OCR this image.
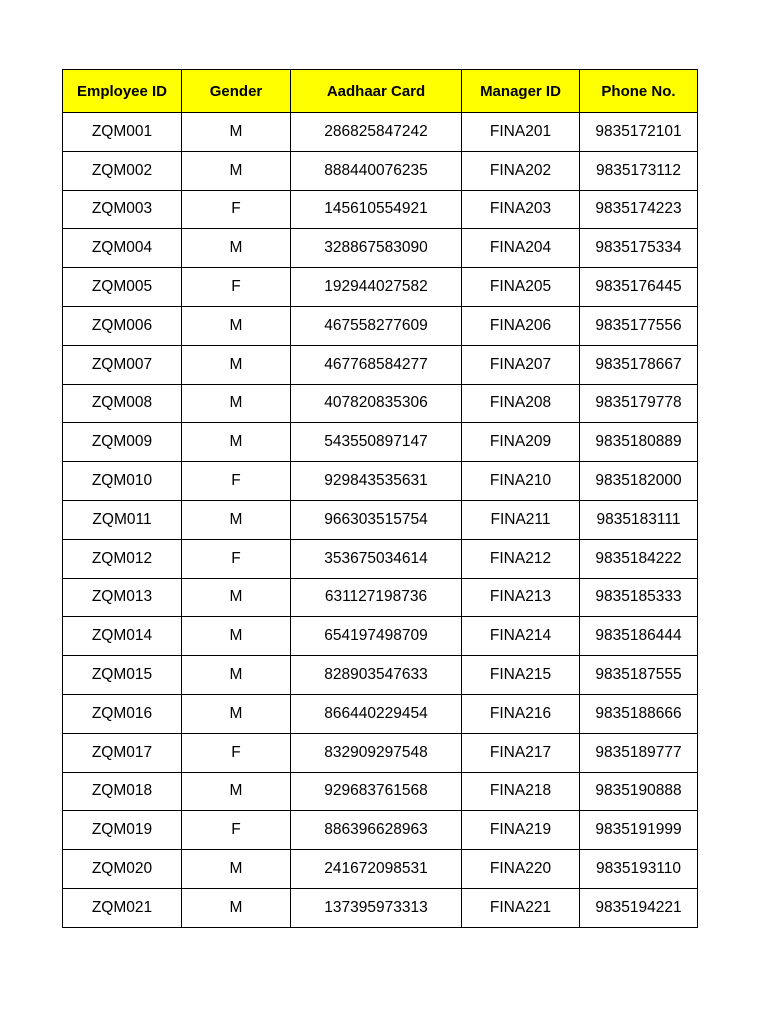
Employee ID	Gender	Aadhaar Card	Manager ID	Phone No.
ZQM001	M	286825847242	FINA201	9835172101
ZQM002	M	888440076235	FINA202	9835173112
ZQM003	F	145610554921	FINA203	9835174223
ZQM004	M	328867583090	FINA204	9835175334
ZQM005	F	192944027582	FINA205	9835176445
ZQM006	M	467558277609	FINA206	9835177556
ZQM007	M	467768584277	FINA207	9835178667
ZQM008	M	407820835306	FINA208	9835179778
ZQM009	M	543550897147	FINA209	9835180889
ZQM010	F	929843535631	FINA210	9835182000
ZQM011	M	966303515754	FINA211	9835183111
ZQM012	F	353675034614	FINA212	9835184222
ZQM013	M	631127198736	FINA213	9835185333
ZQM014	M	654197498709	FINA214	9835186444
ZQM015	M	828903547633	FINA215	9835187555
ZQM016	M	866440229454	FINA216	9835188666
ZQM017	F	832909297548	FINA217	9835189777
ZQM018	M	929683761568	FINA218	9835190888
ZQM019	F	886396628963	FINA219	9835191999
ZQM020	M	241672098531	FINA220	9835193110
ZQM021	M	137395973313	FINA221	9835194221
